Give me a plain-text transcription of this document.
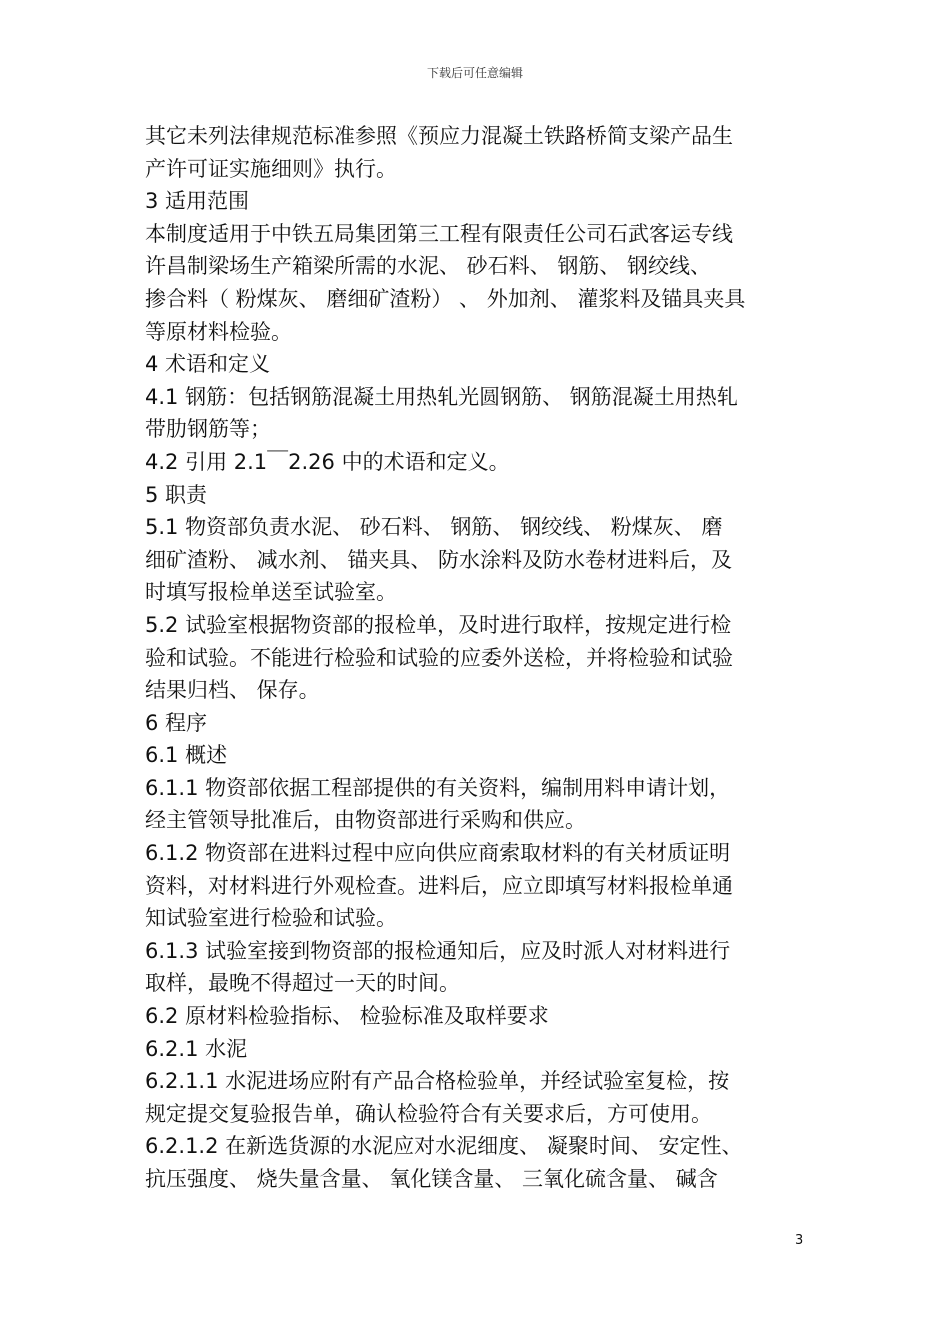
下载后可任意编辑
其它未列法律规范标准参照《预应力混凝土铁路桥简支梁产品生
产许可证实施细则》执行。
3 适用范围
本制度适用于中铁五局集团第三工程有限责任公司石武客运专线
许昌制梁场生产箱梁所需的水泥、 砂石料、 钢筋、 钢绞线、
掺合料（ 粉煤灰、 磨细矿渣粉） 、 外加剂、 灌浆料及锚具夹具
等原材料检验。
4 术语和定义
4.1 钢筋：包括钢筋混凝土用热轧光圆钢筋、 钢筋混凝土用热轧
带肋钢筋等；
4.2 引用 2.1￣2.26 中的术语和定义。
5 职责
5.1 物资部负责水泥、 砂石料、 钢筋、 钢绞线、 粉煤灰、 磨
细矿渣粉、 减水剂、 锚夹具、 防水涂料及防水卷材进料后，及
时填写报检单送至试验室。
5.2 试验室根据物资部的报检单，及时进行取样，按规定进行检
验和试验。不能进行检验和试验的应委外送检，并将检验和试验
结果归档、 保存。
6 程序
6.1 概述
6.1.1 物资部依据工程部提供的有关资料，编制用料申请计划，
经主管领导批准后，由物资部进行采购和供应。
6.1.2 物资部在进料过程中应向供应商索取材料的有关材质证明
资料，对材料进行外观检查。进料后，应立即填写材料报检单通
知试验室进行检验和试验。
6.1.3 试验室接到物资部的报检通知后，应及时派人对材料进行
取样，最晚不得超过一天的时间。
6.2 原材料检验指标、 检验标准及取样要求
6.2.1 水泥
6.2.1.1 水泥进场应附有产品合格检验单，并经试验室复检，按
规定提交复验报告单，确认检验符合有关要求后，方可使用。
6.2.1.2 在新选货源的水泥应对水泥细度、 凝聚时间、 安定性、
抗压强度、 烧失量含量、 氧化镁含量、 三氧化硫含量、 碱含
3
